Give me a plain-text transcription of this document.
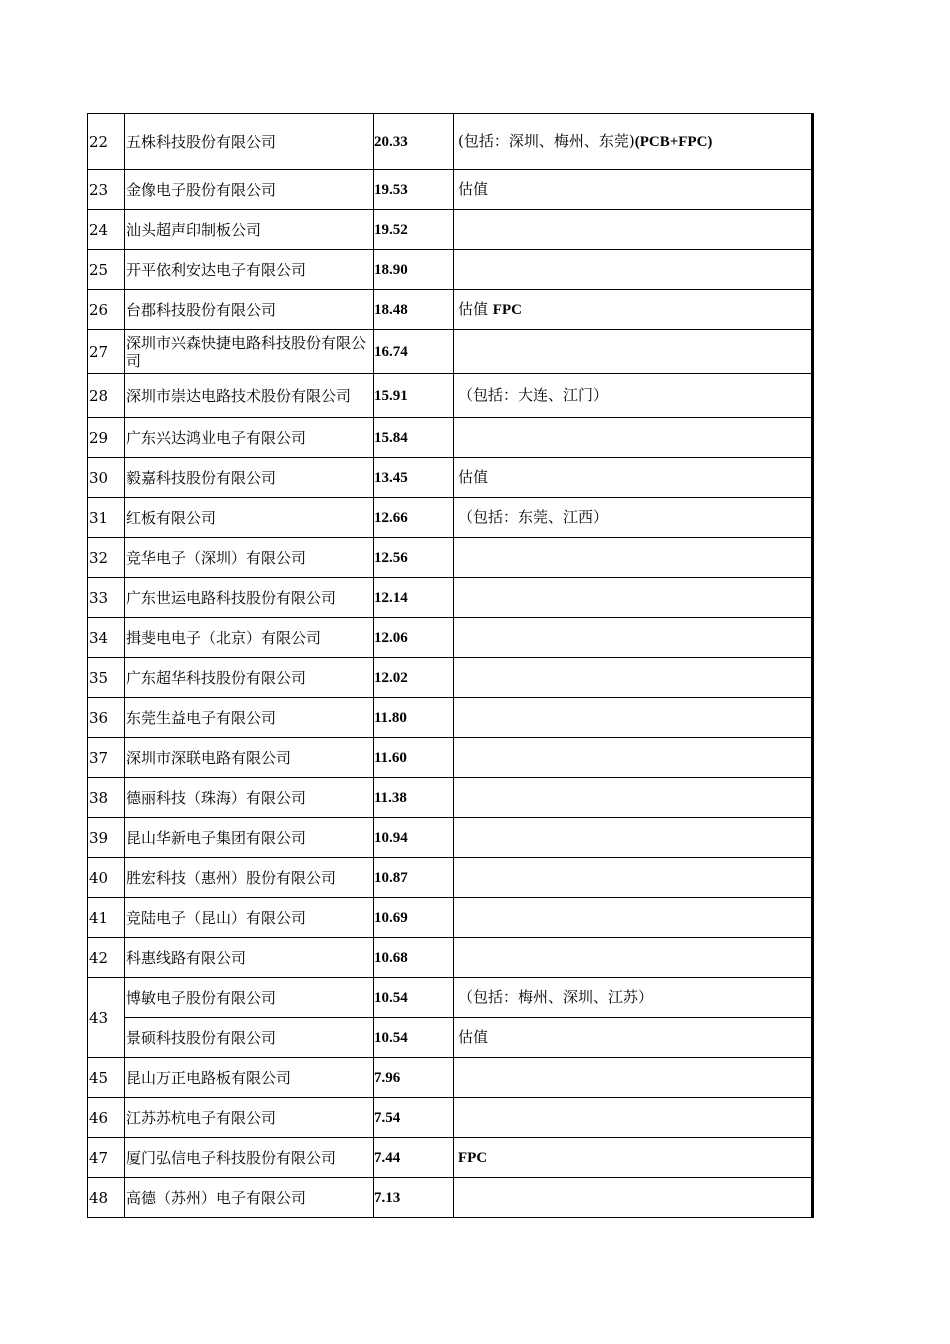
22	五株科技股份有限公司	20.33	(包括：深圳、梅州、东莞)(PCB+FPC)
23	金像电子股份有限公司	19.53	估值
24	汕头超声印制板公司	19.52	
25	开平依利安达电子有限公司	18.90	
26	台郡科技股份有限公司	18.48	估值 FPC
27	深圳市兴森快捷电路科技股份有限公司	16.74	
28	深圳市崇达电路技术股份有限公司	15.91	（包括：大连、江门）
29	广东兴达鸿业电子有限公司	15.84	
30	毅嘉科技股份有限公司	13.45	估值
31	红板有限公司	12.66	（包括：东莞、江西）
32	竞华电子（深圳）有限公司	12.56	
33	广东世运电路科技股份有限公司	12.14	
34	揖斐电电子（北京）有限公司	12.06	
35	广东超华科技股份有限公司	12.02	
36	东莞生益电子有限公司	11.80	
37	深圳市深联电路有限公司	11.60	
38	德丽科技（珠海）有限公司	11.38	
39	昆山华新电子集团有限公司	10.94	
40	胜宏科技（惠州）股份有限公司	10.87	
41	竞陆电子（昆山）有限公司	10.69	
42	科惠线路有限公司	10.68	
43	博敏电子股份有限公司	10.54	（包括：梅州、深圳、江苏）
	景硕科技股份有限公司	10.54	估值
45	昆山万正电路板有限公司	7.96	
46	江苏苏杭电子有限公司	7.54	
47	厦门弘信电子科技股份有限公司	7.44	FPC
48	高德（苏州）电子有限公司	7.13	
